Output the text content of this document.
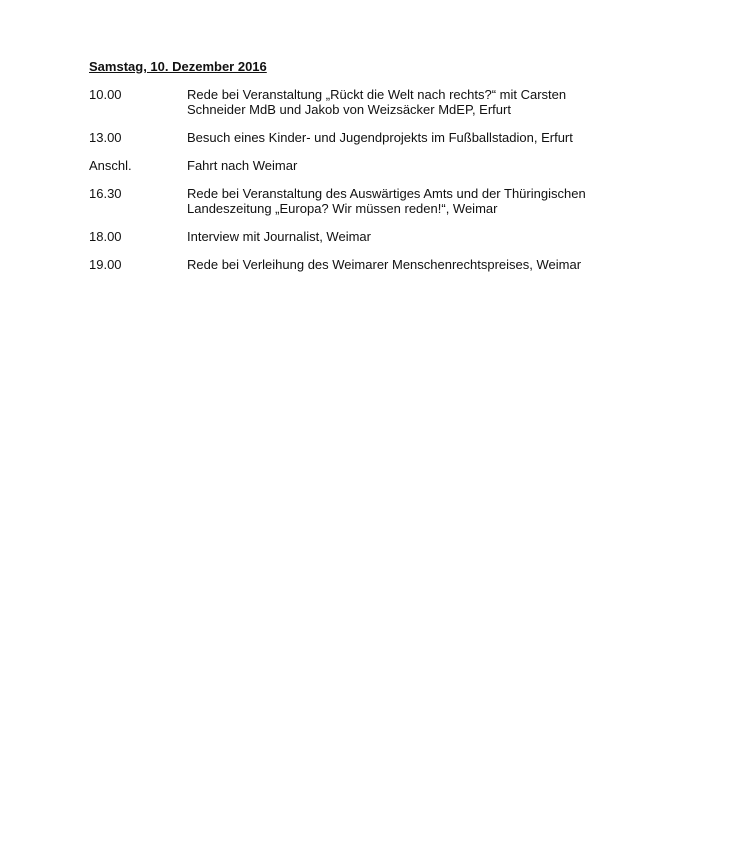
Samstag, 10. Dezember 2016
10.00	Rede bei Veranstaltung „Rückt die Welt nach rechts?“ mit Carsten
Schneider MdB und Jakob von Weizsäcker MdEP, Erfurt
13.00	Besuch eines Kinder- und Jugendprojekts im Fußballstadion, Erfurt
Anschl.	Fahrt nach Weimar
16.30	Rede bei Veranstaltung des Auswärtiges Amts und der Thüringischen
Landeszeitung „Europa? Wir müssen reden!“, Weimar
18.00	Interview mit Journalist, Weimar
19.00	Rede bei Verleihung des Weimarer Menschenrechtspreises, Weimar
